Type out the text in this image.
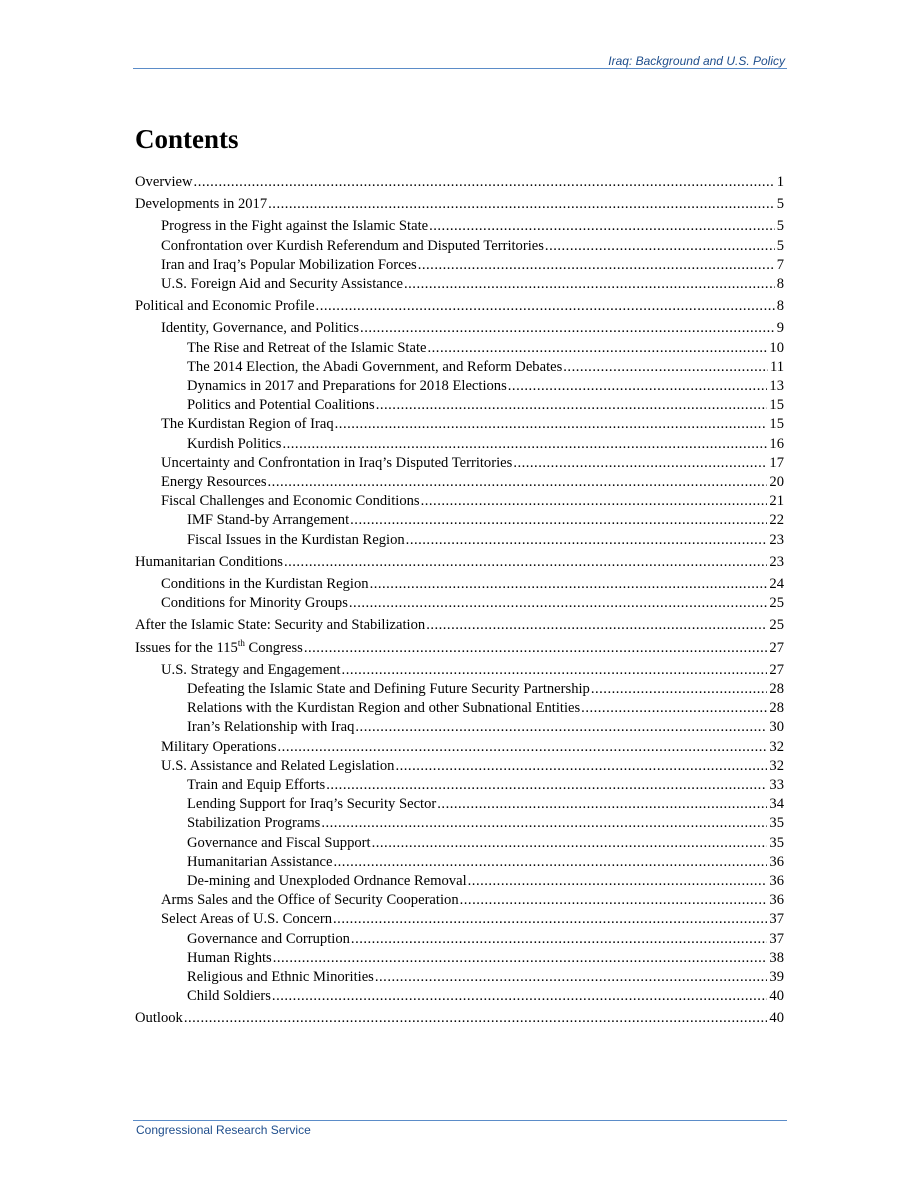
Iraq: Background and U.S. Policy
Contents
Overview .....	1
Developments in 2017 .....	5
Progress in the Fight against the Islamic State .....	5
Confrontation over Kurdish Referendum and Disputed Territories .....	5
Iran and Iraq’s Popular Mobilization Forces .....	7
U.S. Foreign Aid and Security Assistance .....	8
Political and Economic Profile .....	8
Identity, Governance, and Politics .....	9
The Rise and Retreat of the Islamic State .....	10
The 2014 Election, the Abadi Government, and Reform Debates .....	11
Dynamics in 2017 and Preparations for 2018 Elections .....	13
Politics and Potential Coalitions .....	15
The Kurdistan Region of Iraq .....	15
Kurdish Politics .....	16
Uncertainty and Confrontation in Iraq’s Disputed Territories .....	17
Energy Resources .....	20
Fiscal Challenges and Economic Conditions .....	21
IMF Stand-by Arrangement .....	22
Fiscal Issues in the Kurdistan Region .....	23
Humanitarian Conditions .....	23
Conditions in the Kurdistan Region .....	24
Conditions for Minority Groups .....	25
After the Islamic State: Security and Stabilization .....	25
Issues for the 115th Congress .....	27
U.S. Strategy and Engagement .....	27
Defeating the Islamic State and Defining Future Security Partnership .....	28
Relations with the Kurdistan Region and other Subnational Entities .....	28
Iran’s Relationship with Iraq .....	30
Military Operations .....	32
U.S. Assistance and Related Legislation .....	32
Train and Equip Efforts .....	33
Lending Support for Iraq’s Security Sector .....	34
Stabilization Programs .....	35
Governance and Fiscal Support .....	35
Humanitarian Assistance .....	36
De-mining and Unexploded Ordnance Removal .....	36
Arms Sales and the Office of Security Cooperation .....	36
Select Areas of U.S. Concern .....	37
Governance and Corruption .....	37
Human Rights .....	38
Religious and Ethnic Minorities .....	39
Child Soldiers .....	40
Outlook .....	40
Congressional Research Service
